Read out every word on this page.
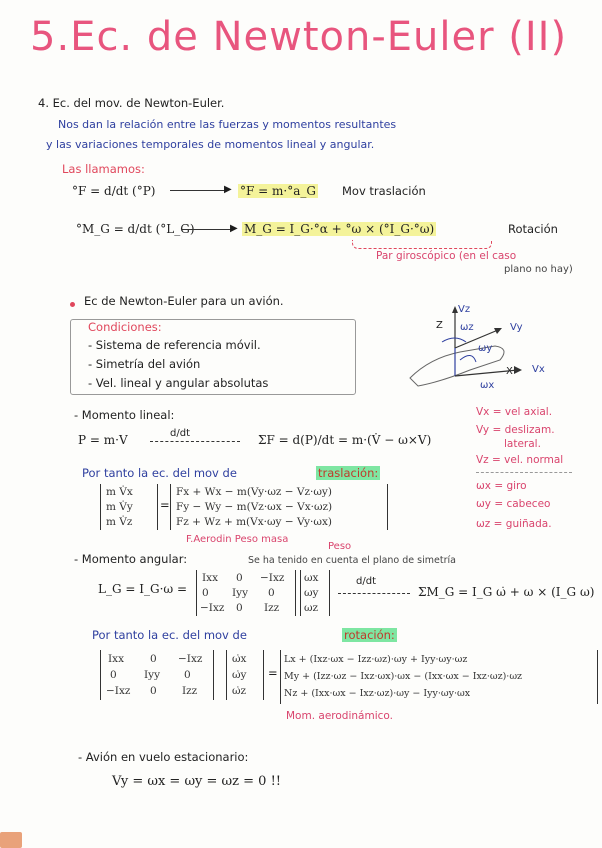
5.Ec. de Newton-Euler (II)
4. Ec. del mov. de Newton-Euler.
Nos dan la relación entre las fuerzas y momentos resultantes
y las variaciones temporales de momentos lineal y angular.
Las llamamos:
°F = d/dt (°P)	▶ °F = m·°a_G Mov traslación
°M_G = d/dt (°L_G)	▶ M_G = I_G·°α + °ω × (°I_G·°ω)	Rotación
Par giroscópico (en el caso
plano no hay)
Ec de Newton-Euler para un avión.
Condiciones:
- Sistema de referencia móvil.
- Simetría del avión
- Vel. lineal y angular absolutas
Vz
Z ωz	Vy
ωy
X Vx
ωx
- Momento lineal:
P = m·V	d/dt	ΣF = d(P)/dt = m·(V̇ − ω×V)
Por tanto la ec. del mov de	traslación:
m V̇x
m V̇y
m V̇z
=
Fx + Wx − m(Vy·ωz − Vz·ωy)
Fy − Wy − m(Vz·ωx − Vx·ωz)
Fz + Wz + m(Vx·ωy − Vy·ωx)
F.Aerodin Peso masa
Peso
Vx = vel axial.
Vy = deslizam.
lateral.
Vz = vel. normal
ωx = giro
ωy = cabeceo
ωz = guiñada.
- Momento angular:	Se ha tenido en cuenta el plano de simetría
L_G = I_G·ω =
Ixx 0 −Ixz
0 Iyy 0
−Ixz 0 Izz
ωx
ωy
ωz
d/dt
ΣM_G = I_G ω̇ + ω × (I_G ω)
Por tanto la ec. del mov de	rotación:
Ixx 0 −Ixz
0	Iyy 0
−Ixz 0 Izz
ω̇x
ω̇y
ω̇z
=
Lx + (Ixz·ωx − Izz·ωz)·ωy + Iyy·ωy·ωz
My + (Izz·ωz − Ixz·ωx)·ωx − (Ixx·ωx − Ixz·ωz)·ωz
Nz + (Ixx·ωx − Ixz·ωz)·ωy − Iyy·ωy·ωx
Mom. aerodinámico.
- Avión en vuelo estacionario:
Vy = ωx = ωy = ωz = 0 !!
